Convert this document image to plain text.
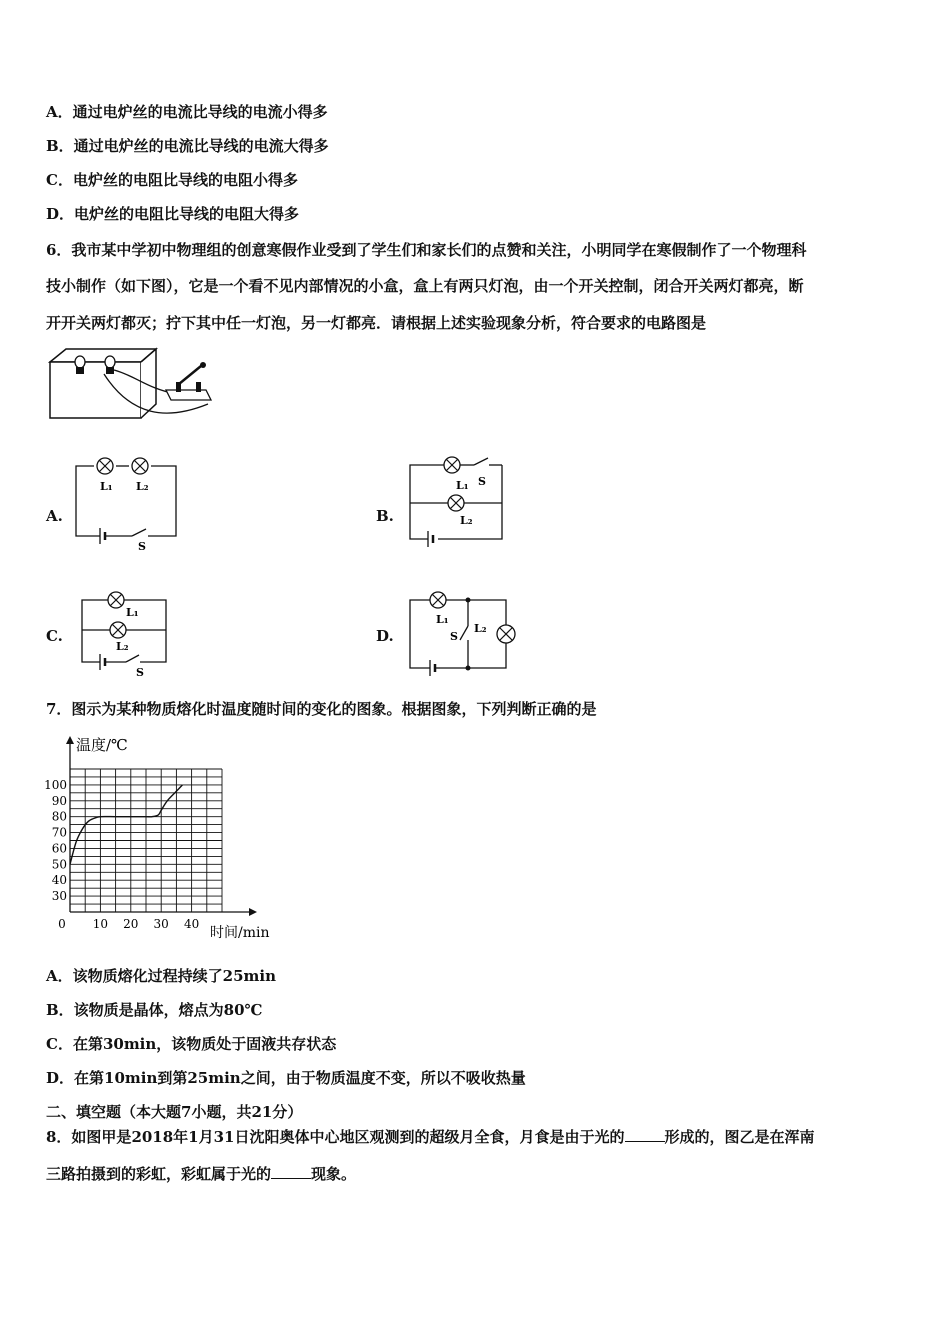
A．通过电炉丝的电流比导线的电流小得多
B．通过电炉丝的电流比导线的电流大得多
C．电炉丝的电阻比导线的电阻小得多
D．电炉丝的电阻比导线的电阻大得多
6．我市某中学初中物理组的创意寒假作业受到了学生们和家长们的点赞和关注，小明同学在寒假制作了一个物理科
技小制作（如下图），它是一个看不见内部情况的小盒，盒上有两只灯泡，由一个开关控制，闭合开关两灯都亮，断
开开关两灯都灭；拧下其中任一灯泡，另一灯都亮．请根据上述实验现象分析，符合要求的电路图是
A.
L₁ L₂
S
B.
L₁ S
L₂
C.
L₁
L₂
S
D.
L₁
S
L₂
7．图示为某种物质熔化时温度随时间的变化的图象。根据图象，下列判断正确的是
30
40
50
60
70
80
90
100
0 10 20 30 40
温度/℃
时间/min
A．该物质熔化过程持续了25min
B．该物质是晶体，熔点为80℃
C．在第30min，该物质处于固液共存状态
D．在第10min到第25min之间，由于物质温度不变，所以不吸收热量
二、填空题（本大题7小题，共21分）
8．如图甲是2018年1月31日沈阳奥体中心地区观测到的超级月全食，月食是由于光的	形成的，图乙是在浑南
三路拍摄到的彩虹，彩虹属于光的	现象。
